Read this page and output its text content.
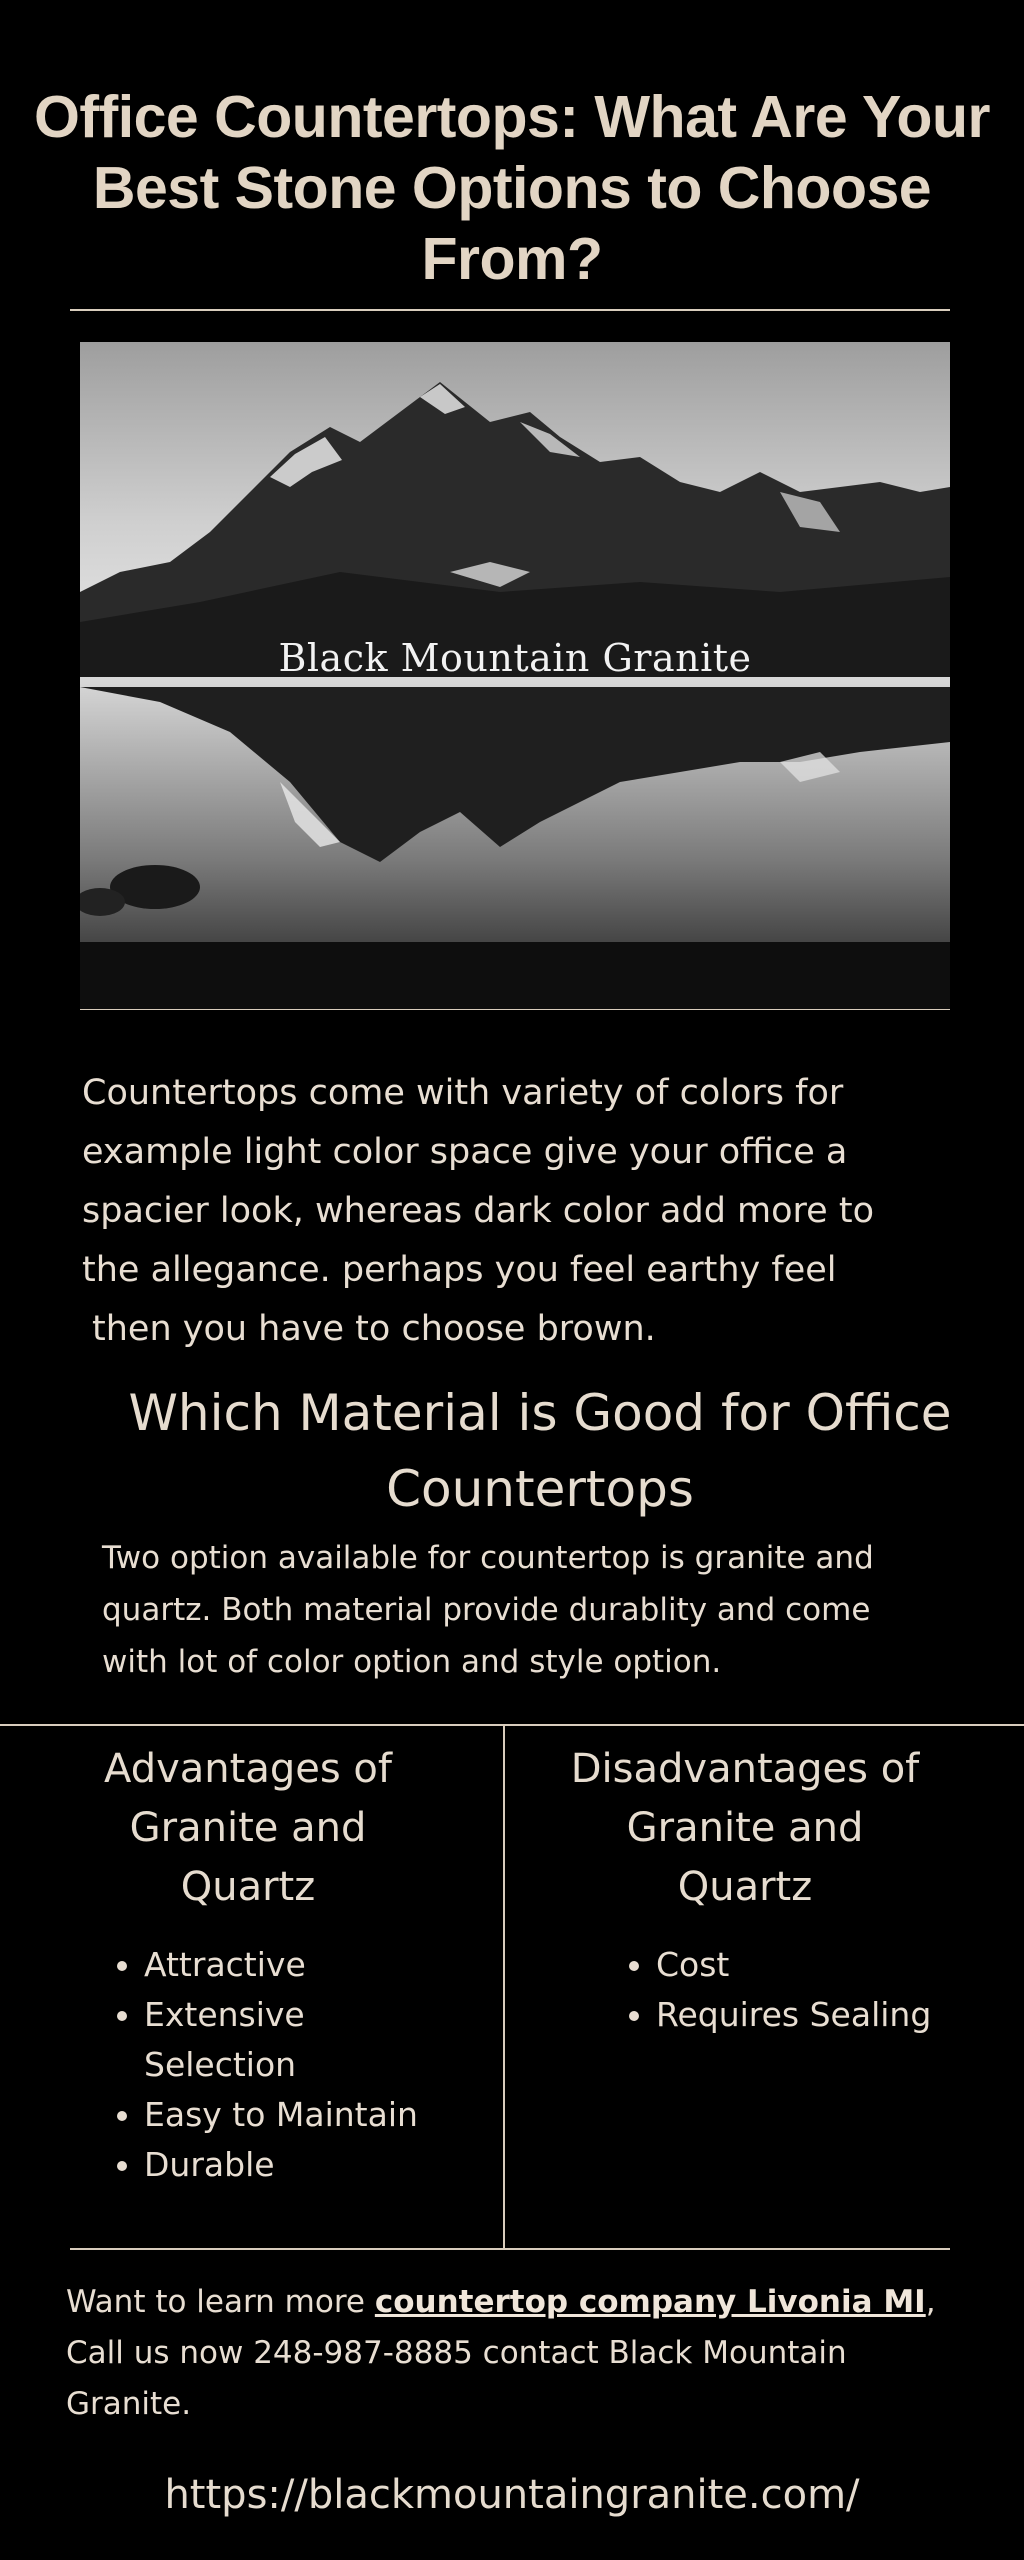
Office Countertops: What Are Your Best Stone Options to Choose From?
Black Mountain Granite

Countertops come with variety of colors for

example light color space give your office a

spacier look, whereas dark color add more to

the allegance. perhaps you feel earthy feel

then you have to choose brown.

Which Material is Good for Office Countertops
Two option available for countertop is granite and
quartz. Both material provide durablity and come
with lot of color option and style option.
Advantages of
Granite and
Quartz
• Attractive
• Extensive Selection
• Easy to Maintain
• Durable
Disadvantages of
Granite and
Quartz
• Cost
• Requires Sealing
Want to learn more countertop company Livonia MI,
Call us now 248-987-8885 contact Black Mountain
Granite.
https://blackmountaingranite.com/
